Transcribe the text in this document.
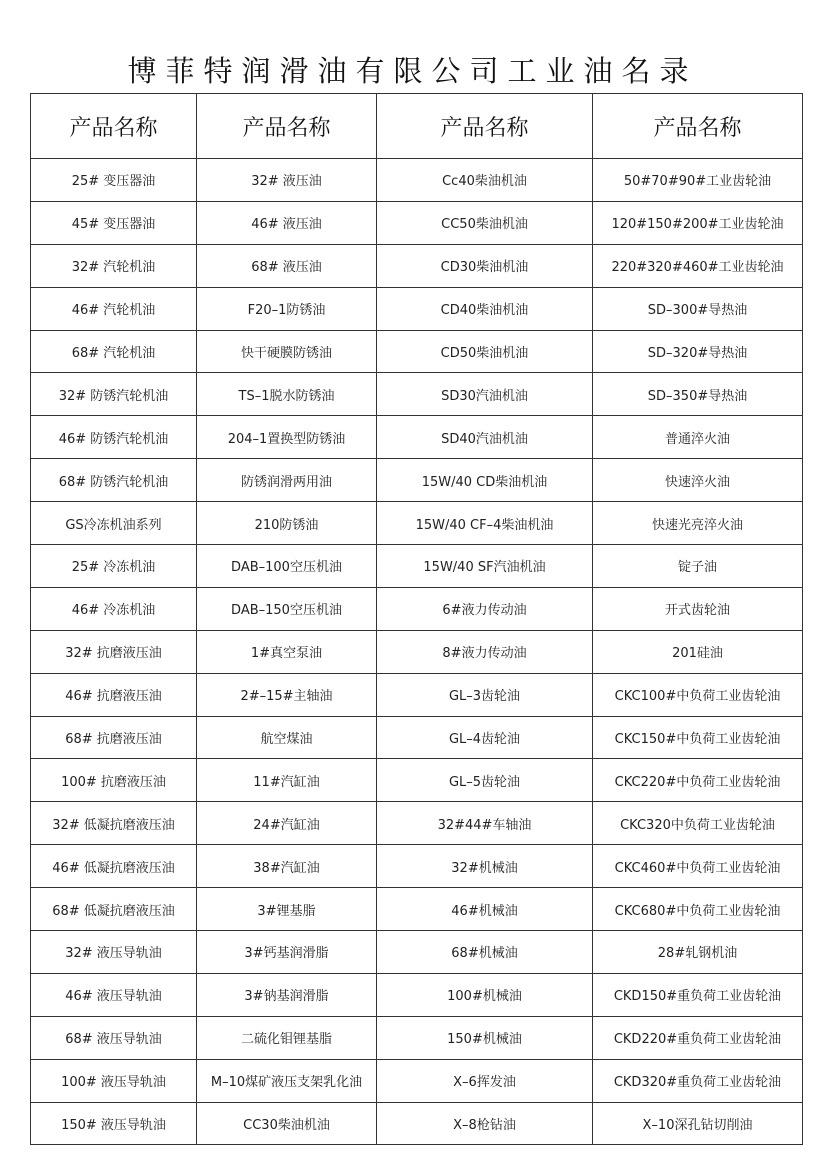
博菲特润滑油有限公司工业油名录
产品名称	产品名称	产品名称	产品名称
25# 变压器油	32# 液压油	Cc40柴油机油	50#70#90#工业齿轮油
45# 变压器油	46# 液压油	CC50柴油机油	120#150#200#工业齿轮油
32# 汽轮机油	68# 液压油	CD30柴油机油	220#320#460#工业齿轮油
46# 汽轮机油	F20–1防锈油	CD40柴油机油	SD–300#导热油
68# 汽轮机油	快干硬膜防锈油	CD50柴油机油	SD–320#导热油
32# 防锈汽轮机油	TS–1脱水防锈油	SD30汽油机油	SD–350#导热油
46# 防锈汽轮机油	204–1置换型防锈油	SD40汽油机油	普通淬火油
68# 防锈汽轮机油	防锈润滑两用油	15W/40 CD柴油机油	快速淬火油
GS冷冻机油系列	210防锈油	15W/40 CF–4柴油机油	快速光亮淬火油
25# 冷冻机油	DAB–100空压机油	15W/40 SF汽油机油	锭子油
46# 冷冻机油	DAB–150空压机油	6#液力传动油	开式齿轮油
32# 抗磨液压油	1#真空泵油	8#液力传动油	201硅油
46# 抗磨液压油	2#–15#主轴油	GL–3齿轮油	CKC100#中负荷工业齿轮油
68# 抗磨液压油	航空煤油	GL–4齿轮油	CKC150#中负荷工业齿轮油
100# 抗磨液压油	11#汽缸油	GL–5齿轮油	CKC220#中负荷工业齿轮油
32# 低凝抗磨液压油	24#汽缸油	32#44#车轴油	CKC320中负荷工业齿轮油
46# 低凝抗磨液压油	38#汽缸油	32#机械油	CKC460#中负荷工业齿轮油
68# 低凝抗磨液压油	3#锂基脂	46#机械油	CKC680#中负荷工业齿轮油
32# 液压导轨油	3#钙基润滑脂	68#机械油	28#轧钢机油
46# 液压导轨油	3#钠基润滑脂	100#机械油	CKD150#重负荷工业齿轮油
68# 液压导轨油	二硫化钼锂基脂	150#机械油	CKD220#重负荷工业齿轮油
100# 液压导轨油	M–10煤矿液压支架乳化油	X–6挥发油	CKD320#重负荷工业齿轮油
150# 液压导轨油	CC30柴油机油	X–8枪钻油	X–10深孔钻切削油
